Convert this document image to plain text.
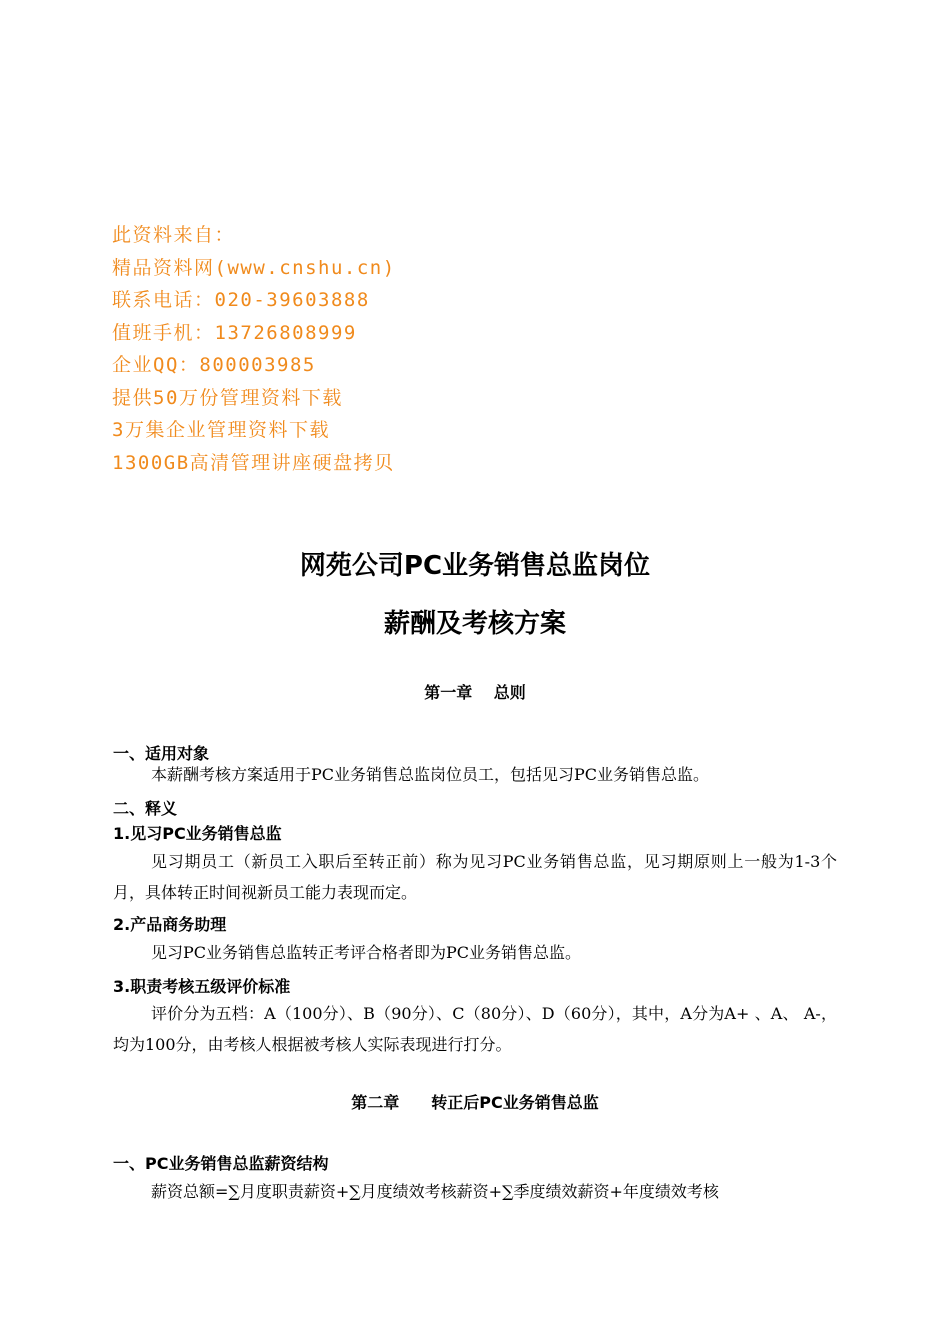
此资料来自：
精品资料网(www.cnshu.cn)
联系电话：020-39603888
值班手机：13726808999
企业QQ：800003985
提供50万份管理资料下载
3万集企业管理资料下载
1300GB高清管理讲座硬盘拷贝
网苑公司PC业务销售总监岗位
薪酬及考核方案
第一章　 总则
一、适用对象
本薪酬考核方案适用于PC业务销售总监岗位员工，包括见习PC业务销售总监。
二、释义
1.见习PC业务销售总监
见习期员工（新员工入职后至转正前）称为见习PC业务销售总监，见习期原则上一般为1-3个月，具体转正时间视新员工能力表现而定。
2.产品商务助理
见习PC业务销售总监转正考评合格者即为PC业务销售总监。
3.职责考核五级评价标准
评价分为五档：A（100分）、B（90分）、C（80分）、D（60分），其中，A分为A+ 、A、 A-，均为100分，由考核人根据被考核人实际表现进行打分。
第二章　　转正后PC业务销售总监
一、PC业务销售总监薪资结构
薪资总额=∑月度职责薪资+∑月度绩效考核薪资+∑季度绩效薪资+年度绩效考核
